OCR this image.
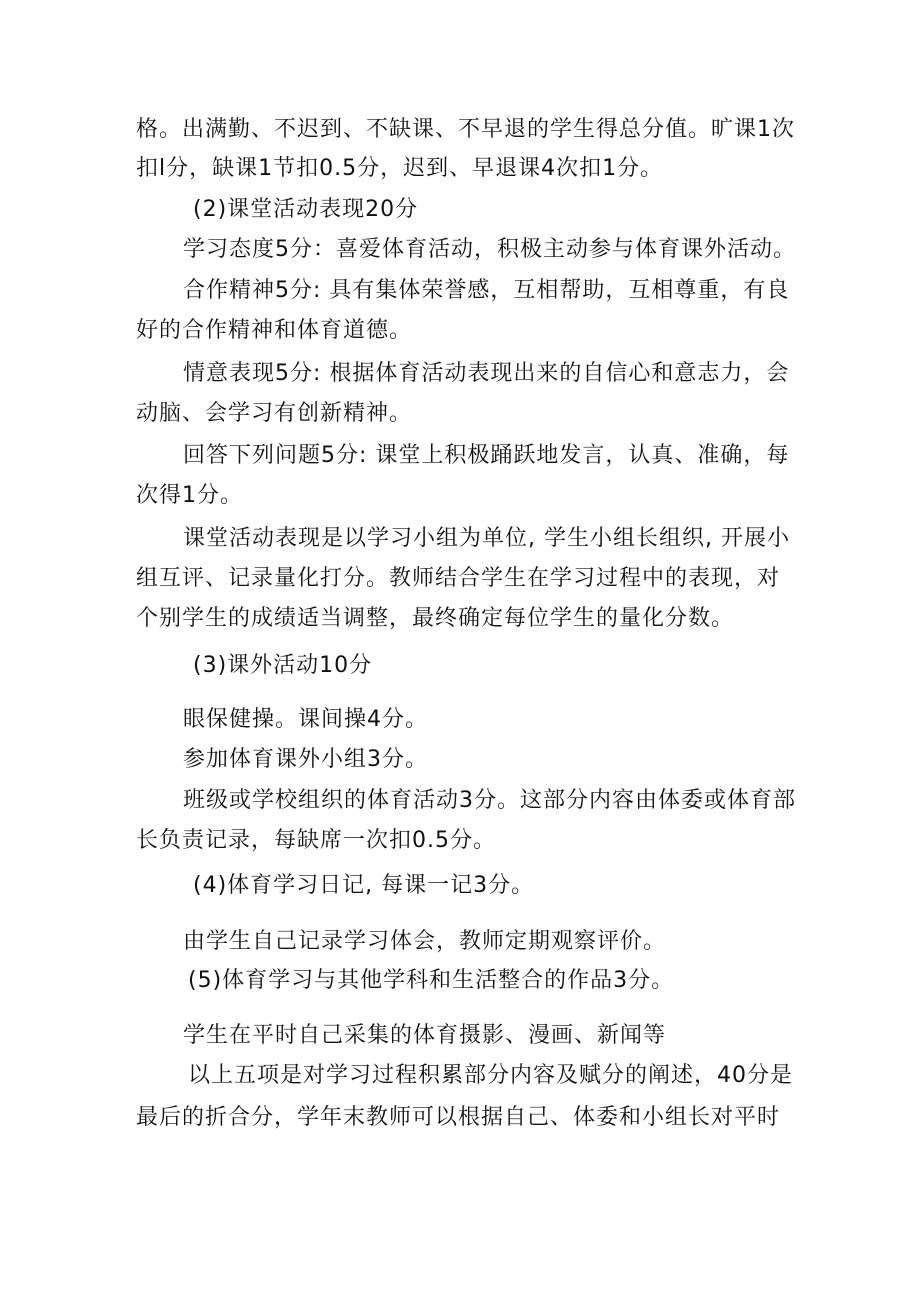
格。出满勤、不迟到、不缺课、不早退的学生得总分值。旷课1次

扣l分，缺课1节扣0.5分，迟到、早退课4次扣1分。

(2)课堂活动表现20分

学习态度5分：喜爱体育活动，积极主动参与体育课外活动。

合作精神5分: 具有集体荣誉感，互相帮助，互相尊重，有良

好的合作精神和体育道德。

情意表现5分: 根据体育活动表现出来的自信心和意志力，会

动脑、会学习有创新精神。

回答下列问题5分: 课堂上积极踊跃地发言，认真、准确，每

次得1分。

课堂活动表现是以学习小组为单位, 学生小组长组织, 开展小

组互评、记录量化打分。教师结合学生在学习过程中的表现，对

个别学生的成绩适当调整，最终确定每位学生的量化分数。

(3)课外活动10分

眼保健操。课间操4分。

参加体育课外小组3分。

班级或学校组织的体育活动3分。这部分内容由体委或体育部

长负责记录，每缺席一次扣0.5分。

(4)体育学习日记, 每课一记3分。

由学生自己记录学习体会，教师定期观察评价。

(5)体育学习与其他学科和生活整合的作品3分。

学生在平时自己采集的体育摄影、漫画、新闻等

以上五项是对学习过程积累部分内容及赋分的阐述，40分是

最后的折合分，学年末教师可以根据自己、体委和小组长对平时
